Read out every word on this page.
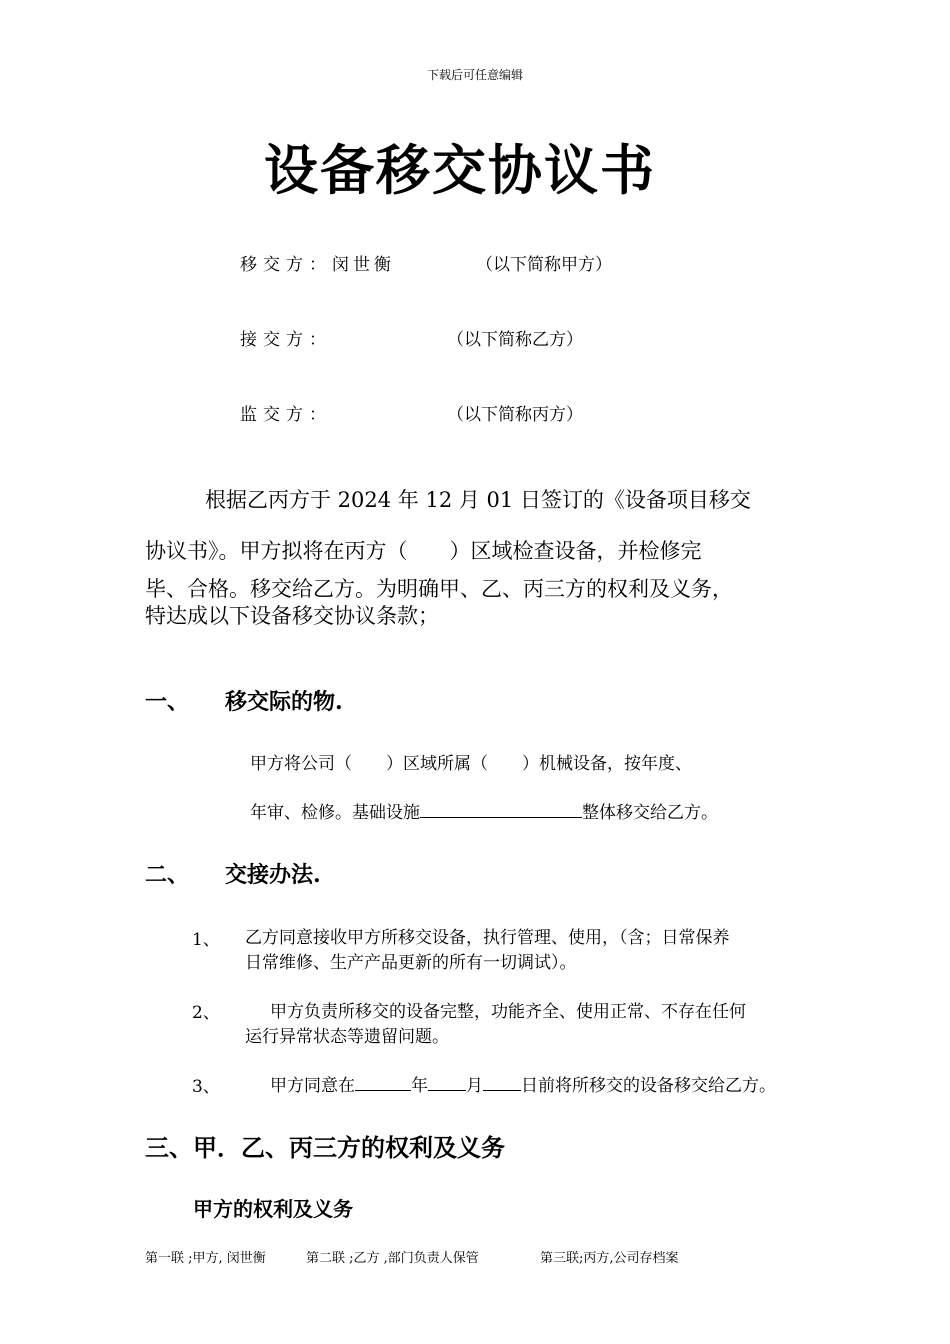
下载后可任意编辑
设备移交协议书
移交方：闵世衡	（以下简称甲方）
接交方：	（以下简称乙方）
监交方：	（以下简称丙方）
根据乙丙方于 2024 年 12 月 01 日签订的《设备项目移交
协议书》。甲方拟将在丙方（　　）区域检查设备，并检修完
毕、合格。移交给乙方。为明确甲、乙、丙三方的权利及义务，
特达成以下设备移交协议条款；
一、 移交际的物.
甲方将公司（　　）区域所属（　　）机械设备，按年度、
年审、检修。基础设施	整体移交给乙方。
二、 交接办法.
1、 乙方同意接收甲方所移交设备，执行管理、使用，（含；日常保养
日常维修、生产产品更新的所有一切调试）。
2、	甲方负责所移交的设备完整，功能齐全、使用正常、不存在任何
运行异常状态等遗留问题。
3、	甲方同意在	年 月 日前将所移交的设备移交给乙方。
三、甲．乙、丙三方的权利及义务
甲方的权利及义务
第一联 ;甲方, 闵世衡	第二联 ;乙方 ,部门负责人保管	第三联;丙方,公司存档案
